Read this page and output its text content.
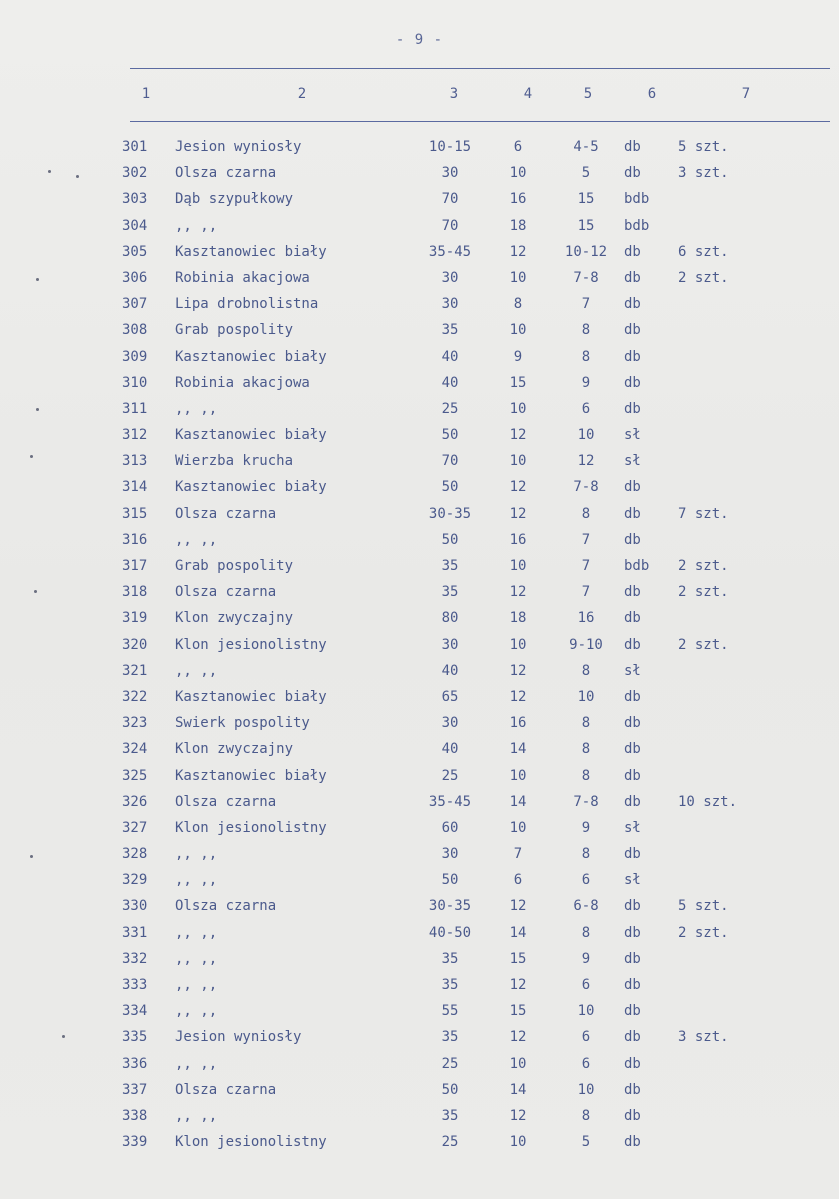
- 9 -
1	2	3	4	5	6	7
301	Jesion wyniosły	10-15	6	4-5	db	5 szt.
302	Olsza czarna	30	10	5	db	3 szt.
303	Dąb szypułkowy	70	16	15	bdb
304	,, ,,	70	18	15	bdb
305	Kasztanowiec biały	35-45	12	10-12	db	6 szt.
306	Robinia akacjowa	30	10	7-8	db	2 szt.
307	Lipa drobnolistna	30	8	7	db
308	Grab pospolity	35	10	8	db
309	Kasztanowiec biały	40	9	8	db
310	Robinia akacjowa	40	15	9	db
311	,, ,,	25	10	6	db
312	Kasztanowiec biały	50	12	10	sł
313	Wierzba krucha	70	10	12	sł
314	Kasztanowiec biały	50	12	7-8	db
315	Olsza czarna	30-35	12	8	db	7 szt.
316	,, ,,	50	16	7	db
317	Grab pospolity	35	10	7	bdb	2 szt.
318	Olsza czarna	35	12	7	db	2 szt.
319	Klon zwyczajny	80	18	16	db
320	Klon jesionolistny	30	10	9-10	db	2 szt.
321	,, ,,	40	12	8	sł
322	Kasztanowiec biały	65	12	10	db
323	Swierk pospolity	30	16	8	db
324	Klon zwyczajny	40	14	8	db
325	Kasztanowiec biały	25	10	8	db
326	Olsza czarna	35-45	14	7-8	db	10 szt.
327	Klon jesionolistny	60	10	9	sł
328	,, ,,	30	7	8	db
329	,, ,,	50	6	6	sł
330	Olsza czarna	30-35	12	6-8	db	5 szt.
331	,, ,,	40-50	14	8	db	2 szt.
332	,, ,,	35	15	9	db
333	,, ,,	35	12	6	db
334	,, ,,	55	15	10	db
335	Jesion wyniosły	35	12	6	db	3 szt.
336	,, ,,	25	10	6	db
337	Olsza czarna	50	14	10	db
338	,, ,,	35	12	8	db
339	Klon jesionolistny	25	10	5	db
